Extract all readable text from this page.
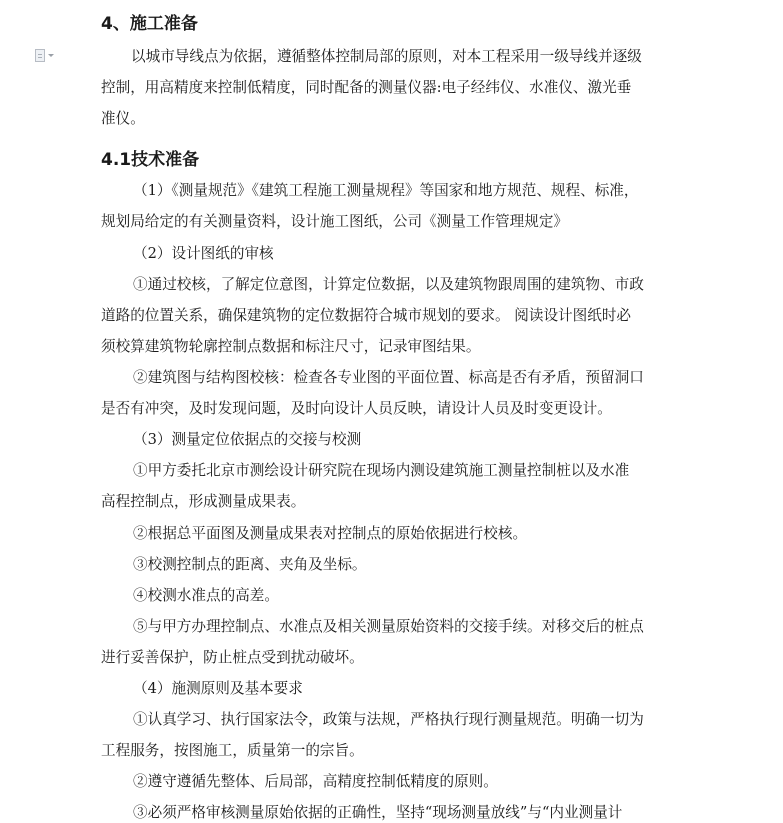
4、施工准备
以城市导线点为依据，遵循整体控制局部的原则，对本工程采用一级导线并逐级
控制，用高精度来控制低精度，同时配备的测量仪器:电子经纬仪、水准仪、激光垂
准仪。
4.1技术准备
（1）《测量规范》《建筑工程施工测量规程》等国家和地方规范、规程、标准，
规划局给定的有关测量资料，设计施工图纸，公司《测量工作管理规定》
（2）设计图纸的审核
①通过校核，了解定位意图，计算定位数据，以及建筑物跟周围的建筑物、市政
道路的位置关系，确保建筑物的定位数据符合城市规划的要求。 阅读设计图纸时必
须校算建筑物轮廓控制点数据和标注尺寸，记录审图结果。
②建筑图与结构图校核：检查各专业图的平面位置、标高是否有矛盾，预留洞口
是否有冲突，及时发现问题，及时向设计人员反映，请设计人员及时变更设计。
（3）测量定位依据点的交接与校测
①甲方委托北京市测绘设计研究院在现场内测设建筑施工测量控制桩以及水准
高程控制点，形成测量成果表。
②根据总平面图及测量成果表对控制点的原始依据进行校核。
③校测控制点的距离、夹角及坐标。
④校测水准点的高差。
⑤与甲方办理控制点、水准点及相关测量原始资料的交接手续。对移交后的桩点
进行妥善保护，防止桩点受到扰动破坏。
（4）施测原则及基本要求
①认真学习、执行国家法令，政策与法规，严格执行现行测量规范。明确一切为
工程服务，按图施工，质量第一的宗旨。
②遵守遵循先整体、后局部，高精度控制低精度的原则。
③必须严格审核测量原始依据的正确性，坚持“现场测量放线”与“内业测量计
